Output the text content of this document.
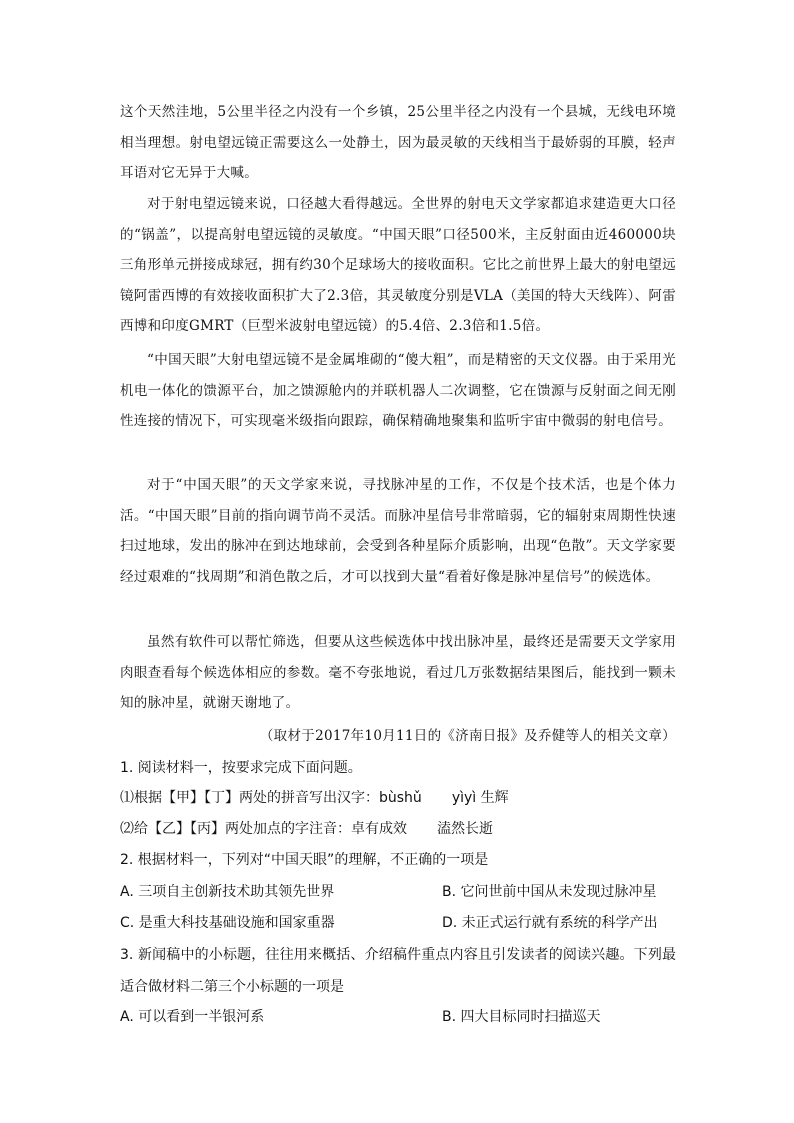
这个天然洼地，5公里半径之内没有一个乡镇，25公里半径之内没有一个县城，无线电环境相当理想。射电望远镜正需要这么一处静土，因为最灵敏的天线相当于最娇弱的耳膜，轻声耳语对它无异于大喊。

对于射电望远镜来说，口径越大看得越远。全世界的射电天文学家都追求建造更大口径的“锅盖”，以提高射电望远镜的灵敏度。“中国天眼”口径500米，主反射面由近460000块三角形单元拼接成球冠，拥有约30个足球场大的接收面积。它比之前世界上最大的射电望远镜阿雷西博的有效接收面积扩大了2.3倍，其灵敏度分别是VLA（美国的特大天线阵）、阿雷西博和印度GMRT（巨型米波射电望远镜）的5.4倍、2.3倍和1.5倍。

“中国天眼”大射电望远镜不是金属堆砌的“傻大粗”，而是精密的天文仪器。由于采用光机电一体化的馈源平台，加之馈源舱内的并联机器人二次调整，它在馈源与反射面之间无刚性连接的情况下，可实现毫米级指向跟踪，确保精确地聚集和监听宇宙中微弱的射电信号。

对于“中国天眼”的天文学家来说，寻找脉冲星的工作，不仅是个技术活，也是个体力活。“中国天眼”目前的指向调节尚不灵活。而脉冲星信号非常暗弱，它的辐射束周期性快速扫过地球，发出的脉冲在到达地球前，会受到各种星际介质影响，出现“色散”。天文学家要经过艰难的“找周期”和消色散之后，才可以找到大量“看着好像是脉冲星信号”的候选体。

虽然有软件可以帮忙筛选，但要从这些候选体中找出脉冲星，最终还是需要天文学家用肉眼查看每个候选体相应的参数。毫不夸张地说，看过几万张数据结果图后，能找到一颗未知的脉冲星，就谢天谢地了。

（取材于2017年10月11日的《济南日报》及乔健等人的相关文章）
1. 阅读材料一，按要求完成下面问题。
⑴根据【甲】【丁】两处的拼音写出汉字：bùshǔ yìyì 生辉
⑵给【乙】【丙】两处加点的字注音：卓有成效 溘然长逝
2. 根据材料一，下列对“中国天眼”的理解，不正确的一项是
A. 三项自主创新技术助其领先世界	B. 它问世前中国从未发现过脉冲星
C. 是重大科技基础设施和国家重器	D. 未正式运行就有系统的科学产出
3. 新闻稿中的小标题，往往用来概括、介绍稿件重点内容且引发读者的阅读兴趣。下列最适合做材料二第三个小标题的一项是
A. 可以看到一半银河系	B. 四大目标同时扫描巡天
